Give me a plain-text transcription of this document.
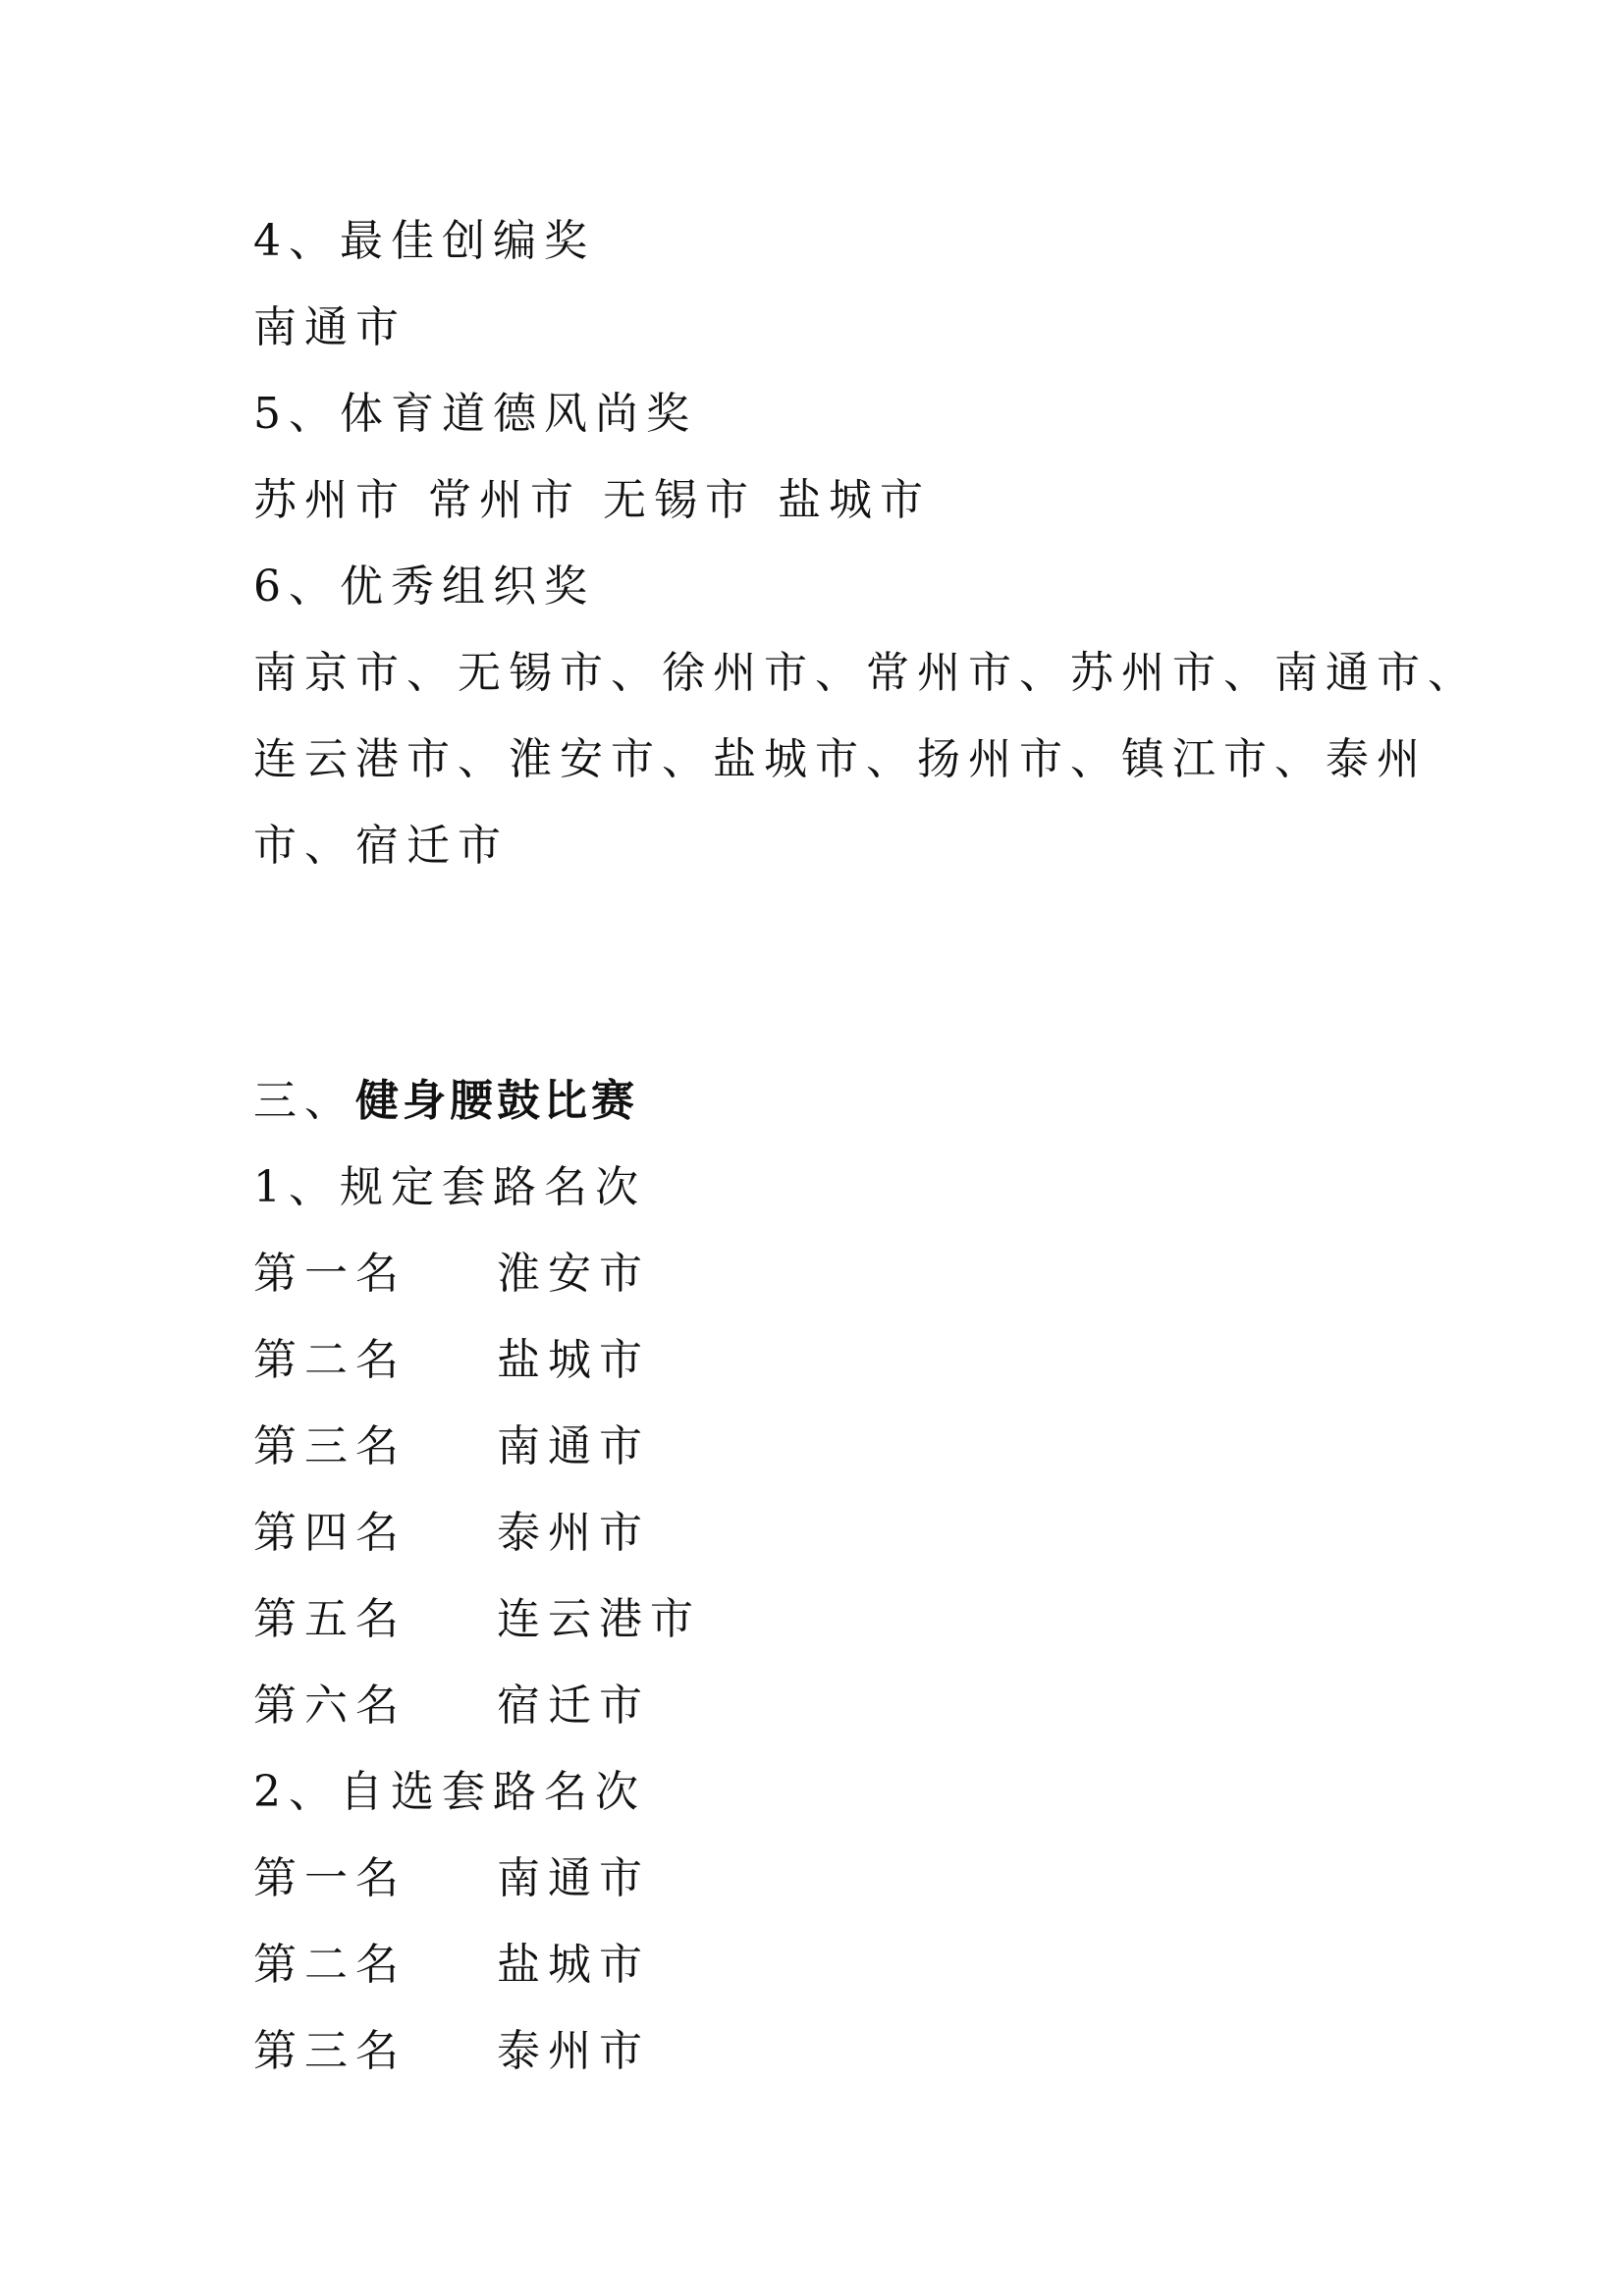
4、最佳创编奖
南通市
5、体育道德风尚奖
苏州市 常州市 无锡市 盐城市
6、优秀组织奖
南京市、无锡市、徐州市、常州市、苏州市、南通市、
连云港市、淮安市、盐城市、扬州市、镇江市、泰州
市、宿迁市
三、健身腰鼓比赛
1、规定套路名次
第一名 淮安市
第二名 盐城市
第三名 南通市
第四名 泰州市
第五名 连云港市
第六名 宿迁市
2、自选套路名次
第一名 南通市
第二名 盐城市
第三名 泰州市
